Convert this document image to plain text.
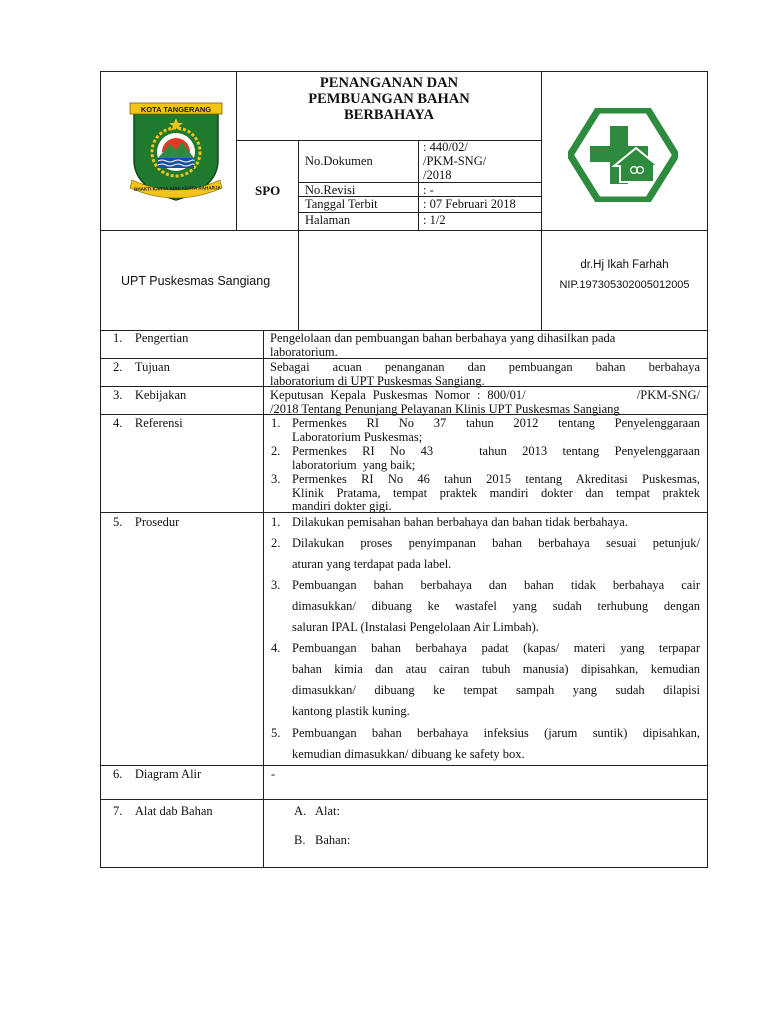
KOTA TANGERANG
BHAKTI KARYA ADHI KERTA RAHARJA
PENANGANAN DAN
PEMBUANGAN BAHAN
BERBAHAYA
SPO
No.Dokumen
: 440/02/
/PKM-SNG/
/2018
No.Revisi	: -
Tanggal Terbit	: 07 Februari 2018
Halaman	: 1/2
UPT Puskesmas Sangiang
dr.Hj Ikah Farhah
NIP.197305302005012005
1.    Pengertian	Pengelolaan dan pembuangan bahan berbahaya yang dihasilkan pada
laboratorium.
2.    Tujuan	Sebagai acuan penanganan dan pembuangan bahan berbahaya
laboratorium di UPT Puskesmas Sangiang.
3.    Kebijakan	Keputusan Kepala Puskesmas Nomor : 800/01/                /PKM-SNG/
/2018 Tentang Penunjang Pelayanan Klinis UPT Puskesmas Sangiang
4.    Referensi	1. Permenkes RI No 37 tahun 2012 tentang Penyelenggaraan
Laboratorium Puskesmas;
2. Permenkes RI No 43   tahun 2013 tentang Penyelenggaraan
laboratorium  yang baik;
3. Permenkes RI No 46 tahun 2015 tentang Akreditasi Puskesmas,
Klinik Pratama, tempat praktek mandiri dokter dan tempat praktek
mandiri dokter gigi.
5.    Prosedur	1. Dilakukan pemisahan bahan berbahaya dan bahan tidak berbahaya.
2. Dilakukan proses penyimpanan bahan berbahaya sesuai petunjuk/
aturan yang terdapat pada label.
3. Pembuangan bahan berbahaya dan bahan tidak berbahaya cair
dimasukkan/ dibuang ke wastafel yang sudah terhubung dengan
saluran IPAL (Instalasi Pengelolaan Air Limbah).
4. Pembuangan bahan berbahaya padat (kapas/ materi yang terpapar
bahan kimia dan atau cairan tubuh manusia) dipisahkan, kemudian
dimasukkan/ dibuang ke tempat sampah yang sudah dilapisi
kantong plastik kuning.
5. Pembuangan bahan berbahaya infeksius (jarum suntik) dipisahkan,
kemudian dimasukkan/ dibuang ke safety box.
6.    Diagram Alir	-
7.    Alat dab Bahan	A. Alat:
B. Bahan:
